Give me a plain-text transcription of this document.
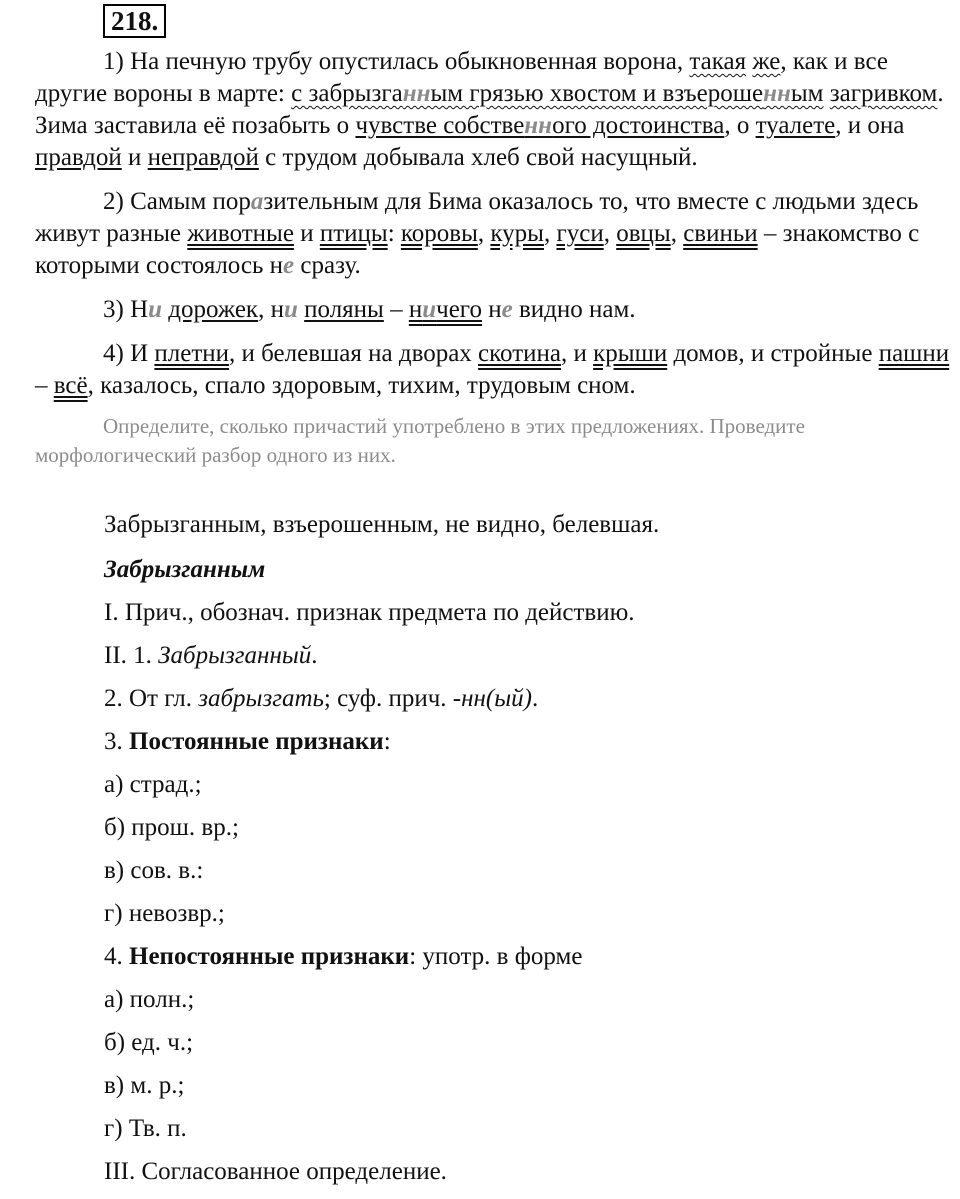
218.

1) На печную трубу опустилась обыкновенная ворона, такая же, как и все другие вороны в марте: с забрызганным грязью хвостом и взъерошенным загривком. Зима заставила её позабыть о чувстве собственного достоинства, о туалете, и она правдой и неправдой с трудом добывала хлеб свой насущный.

2) Самым поразительным для Бима оказалось то, что вместе с людьми здесь живут разные животные и птицы: коровы, куры, гуси, овцы, свиньи – знакомство с которыми состоялось не сразу.

3) Ни дорожек, ни поляны – ничего не видно нам.

4) И плетни, и белевшая на дворах скотина, и крыши домов, и стройные пашни – всё, казалось, спало здоровым, тихим, трудовым сном.

Определите, сколько причастий употреблено в этих предложениях. Проведите морфологический разбор одного из них.

Забрызганным, взъерошенным, не видно, белевшая.
Забрызганным
I. Прич., обознач. признак предмета по действию.
II. 1. Забрызганный.
2. От гл. забрызгать; суф. прич. -нн(ый).
3. Постоянные признаки:
а) страд.;
б) прош. вр.;
в) сов. в.:
г) невозвр.;
4. Непостоянные признаки: употр. в форме
а) полн.;
б) ед. ч.;
в) м. р.;
г) Тв. п.
III. Согласованное определение.
